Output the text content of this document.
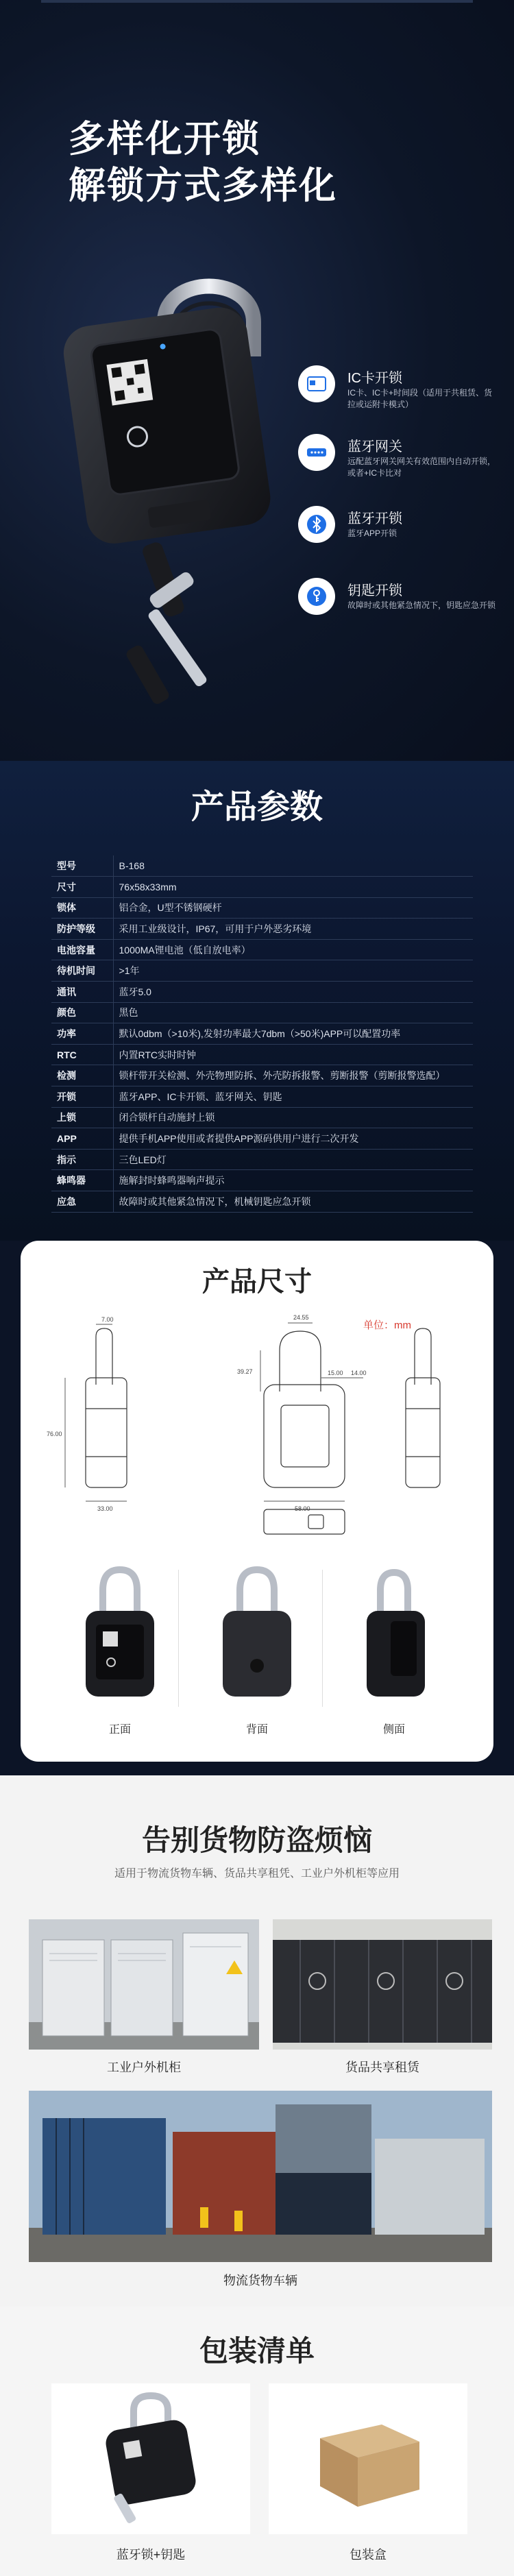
多样化开锁
解锁方式多样化
IC卡开锁
IC卡、IC卡+时间段（适用于共租赁、货拉或运附卡模式）
蓝牙网关
远配蓝牙网关网关有效范围内自动开锁，或者+IC卡比对
蓝牙开锁
蓝牙APP开锁
钥匙开锁
故障时或其他紧急情况下，钥匙应急开锁
产品参数
型号	B-168
尺寸	76x58x33mm
锁体	铝合金，U型不锈钢硬杆
防护等级	采用工业级设计，IP67，可用于户外恶劣环境
电池容量	1000MA锂电池（低自放电率）
待机时间	>1年
通讯	蓝牙5.0
颜色	黑色
功率	默认0dbm（>10米),发射功率最大7dbm（>50米)APP可以配置功率
RTC	内置RTC实时时钟
检测	锁杆带开关检测、外壳物理防拆、外壳防拆报警、剪断报警（剪断报警选配）
开锁	蓝牙APP、IC卡开锁、蓝牙网关、钥匙
上锁	闭合锁杆自动施封上锁
APP	提供手机APP使用或者提供APP源码供用户进行二次开发
指示	三色LED灯
蜂鸣器	施解封时蜂鸣器响声提示
应急	故障时或其他紧急情况下，机械钥匙应急开锁
产品尺寸
单位：mm
7.00
76.00
33.00
24.55
39.27	15.00 14.00
58.00
正面	背面	侧面
告别货物防盗烦恼
适用于物流货物车辆、货品共享租凭、工业户外机柜等应用
工业户外机柜	货品共享租赁
物流货物车辆
包装清单
蓝牙锁+钥匙	包装盒
